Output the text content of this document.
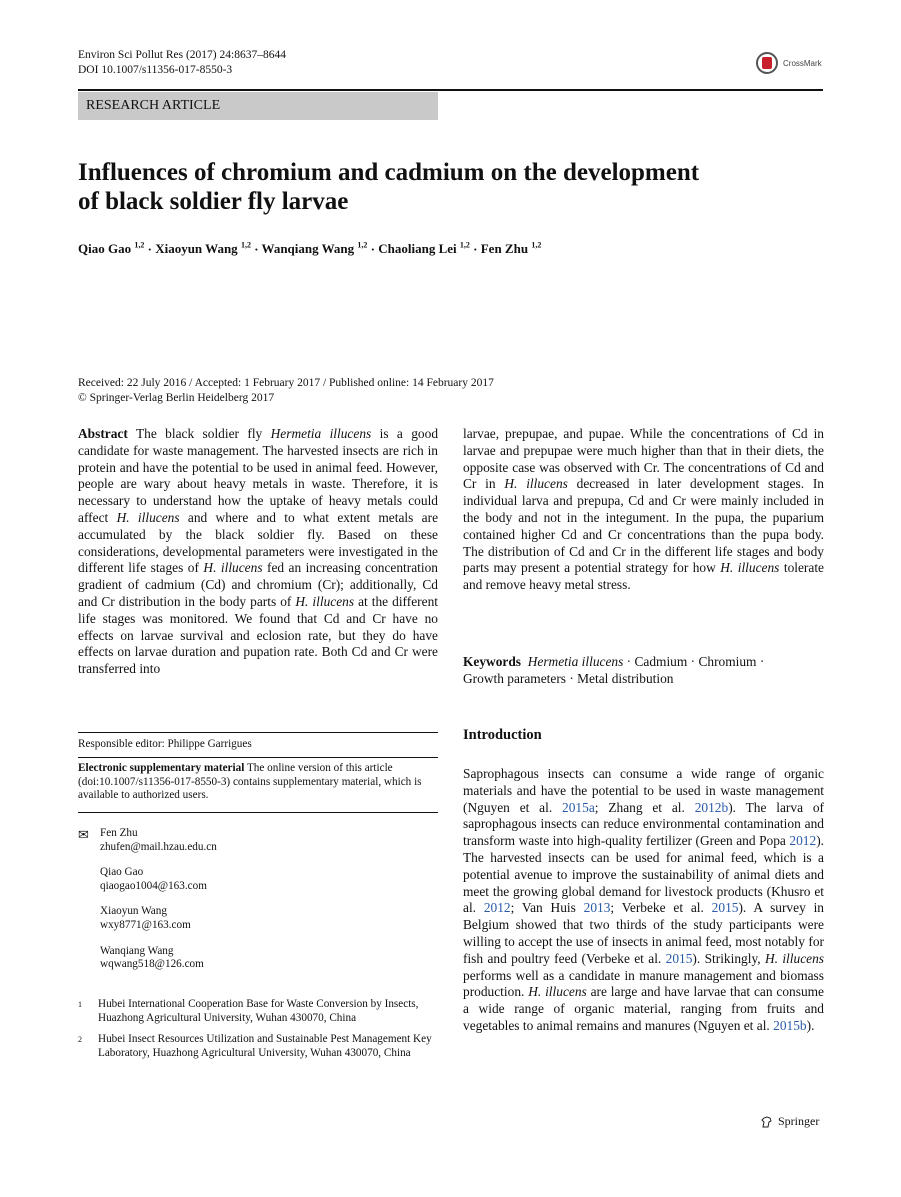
Environ Sci Pollut Res (2017) 24:8637–8644
DOI 10.1007/s11356-017-8550-3
CrossMark
RESEARCH ARTICLE
Influences of chromium and cadmium on the development
of black soldier fly larvae
Qiao Gao $^{1,2}$ · Xiaoyun Wang $^{1,2}$ · Wanqiang Wang $^{1,2}$ · Chaoliang Lei $^{1,2}$ · Fen Zhu $^{1,2}$
Received: 22 July 2016 / Accepted: 1 February 2017 / Published online: 14 February 2017
© Springer-Verlag Berlin Heidelberg 2017

Abstract The black soldier fly Hermetia illucens is a good candidate for waste management. The harvested insects are rich in protein and have the potential to be used in animal feed. However, people are wary about heavy metals in waste. Therefore, it is necessary to understand how the uptake of heavy metals could affect H. illucens and where and to what extent metals are accumulated by the black soldier fly. Based on these considerations, developmental parameters were investigated in the different life stages of H. illucens fed an increasing concentration gradient of cadmium (Cd) and chromium (Cr); additionally, Cd and Cr distribution in the body parts of H. illucens at the different life stages was monitored. We found that Cd and Cr have no effects on larvae survival and eclosion rate, but they do have effects on larvae duration and pupation rate. Both Cd and Cr were transferred into

larvae, prepupae, and pupae. While the concentrations of Cd in larvae and prepupae were much higher than that in their diets, the opposite case was observed with Cr. The concentrations of Cd and Cr in H. illucens decreased in later development stages. In individual larva and prepupa, Cd and Cr were mainly included in the body and not in the integument. In the pupa, the puparium contained higher Cd and Cr concentrations than the pupa body. The distribution of Cd and Cr in the different life stages and body parts may present a potential strategy for how H. illucens tolerate and remove heavy metal stress.

Keywords Hermetia illucens · Cadmium · Chromium ·
Growth parameters · Metal distribution
Introduction

Saprophagous insects can consume a wide range of organic materials and have the potential to be used in waste management (Nguyen et al. 2015a; Zhang et al. 2012b). The larva of saprophagous insects can reduce environmental contamination and transform waste into high-quality fertilizer (Green and Popa 2012). The harvested insects can be used for animal feed, which is a potential avenue to improve the sustainability of animal diets and meet the growing global demand for livestock products (Khusro et al. 2012; Van Huis 2013; Verbeke et al. 2015). A survey in Belgium showed that two thirds of the study participants were willing to accept the use of insects in animal feed, most notably for fish and poultry feed (Verbeke et al. 2015). Strikingly, H. illucens performs well as a candidate in manure management and biomass production. H. illucens are large and have larvae that can consume a wide range of organic material, ranging from fruits and vegetables to animal remains and manures (Nguyen et al. 2015b).

Responsible editor: Philippe Garrigues
Electronic supplementary material The online version of this article (doi:10.1007/s11356-017-8550-3) contains supplementary material, which is available to authorized users.
✉ Fen Zhu
zhufen@mail.hzau.edu.cn
Qiao Gao
qiaogao1004@163.com
Xiaoyun Wang
wxy8771@163.com
Wanqiang Wang
wqwang518@126.com
1	Hubei International Cooperation Base for Waste Conversion by Insects, Huazhong Agricultural University, Wuhan 430070, China
2	Hubei Insect Resources Utilization and Sustainable Pest Management Key Laboratory, Huazhong Agricultural University, Wuhan 430070, China
Springer
